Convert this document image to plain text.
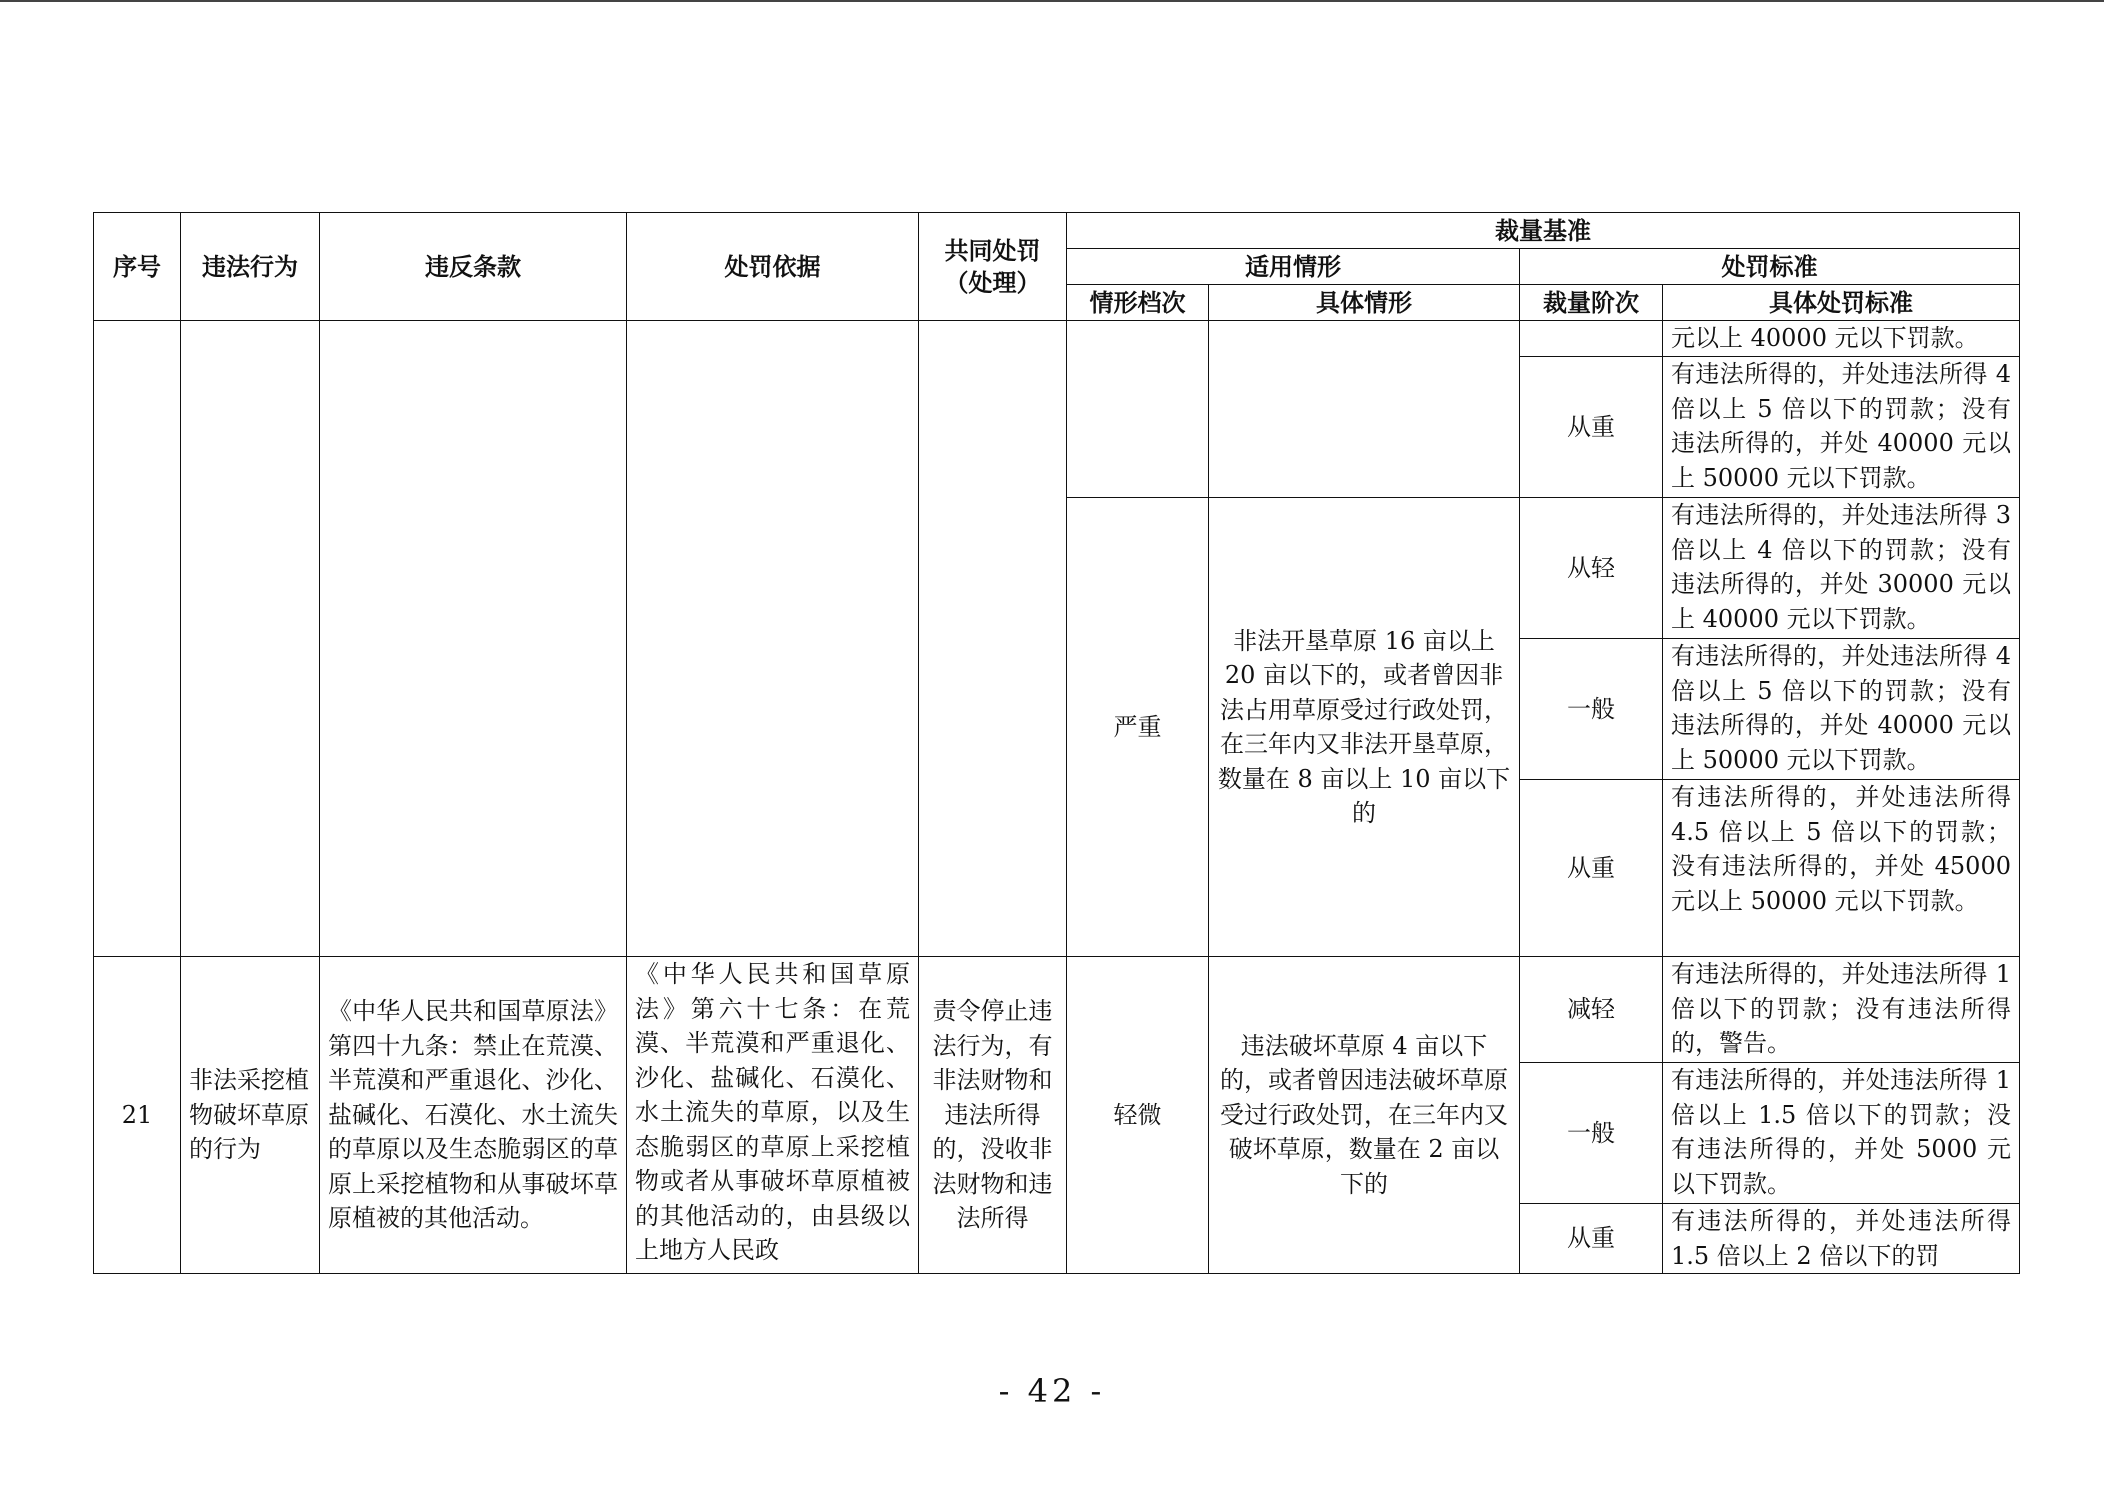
序号	违法行为	违反条款	处罚依据	共同处罚（处理）	裁量基准			
					适用情形		处罚标准	
					情形档次	具体情形	裁量阶次	具体处罚标准
								元以上 40000 元以下罚款。
							从重	有违法所得的，并处违法所得 4 倍以上 5 倍以下的罚款；没有违法所得的，并处 40000 元以上 50000 元以下罚款。

					严重	非法开垦草原 16 亩以上 20 亩以下的，或者曾因非法占用草原受过行政处罚，在三年内又非法开垦草原，数量在 8 亩以上 10 亩以下的	从轻	有违法所得的，并处违法所得 3 倍以上 4 倍以下的罚款；没有违法所得的，并处 30000 元以上 40000 元以下罚款。
							一般	有违法所得的，并处违法所得 4 倍以上 5 倍以下的罚款；没有违法所得的，并处 40000 元以上 50000 元以下罚款。
							从重	有违法所得的，并处违法所得 4.5 倍以上 5 倍以下的罚款；没有违法所得的，并处 45000 元以上 50000 元以下罚款。

21	非法采挖植物破坏草原的行为	《中华人民共和国草原法》第四十九条：禁止在荒漠、半荒漠和严重退化、沙化、盐碱化、石漠化、水土流失的草原以及生态脆弱区的草原上采挖植物和从事破坏草原植被的其他活动。	《中华人民共和国草原法》第六十七条：在荒漠、半荒漠和严重退化、沙化、盐碱化、石漠化、水土流失的草原，以及生态脆弱区的草原上采挖植物或者从事破坏草原植被的其他活动的，由县级以上地方人民政	责令停止违法行为，有非法财物和违法所得的，没收非法财物和违法所得	轻微	违法破坏草原 4 亩以下的，或者曾因违法破坏草原受过行政处罚，在三年内又破坏草原，数量在 2 亩以下的	减轻	有违法所得的，并处违法所得 1 倍以下的罚款；没有违法所得的，警告。
							一般	有违法所得的，并处违法所得 1 倍以上 1.5 倍以下的罚款；没有违法所得的，并处 5000 元以下罚款。
							从重	有违法所得的，并处违法所得 1.5 倍以上 2 倍以下的罚
- 42 -
